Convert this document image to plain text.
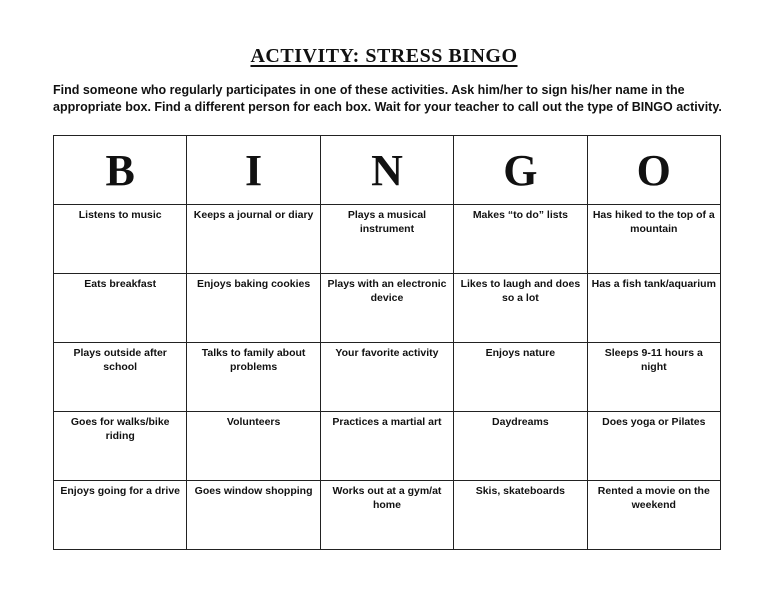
ACTIVITY: STRESS BINGO
Find someone who regularly participates in one of these activities. Ask him/her to sign his/her name in the appropriate box. Find a different person for each box. Wait for your teacher to call out the type of BINGO activity.
B	I	N	G	O
Listens to music	Keeps a journal or diary	Plays a musical instrument	Makes “to do” lists	Has hiked to the top of a mountain
Eats breakfast	Enjoys baking cookies	Plays with an electronic device	Likes to laugh and does so a lot	Has a fish tank/aquarium
Plays outside after school	Talks to family about problems	Your favorite activity	Enjoys nature	Sleeps 9-11 hours a night
Goes for walks/bike riding	Volunteers	Practices a martial art	Daydreams	Does yoga or Pilates
Enjoys going for a drive	Goes window shopping	Works out at a gym/at home	Skis, skateboards	Rented a movie on the weekend
